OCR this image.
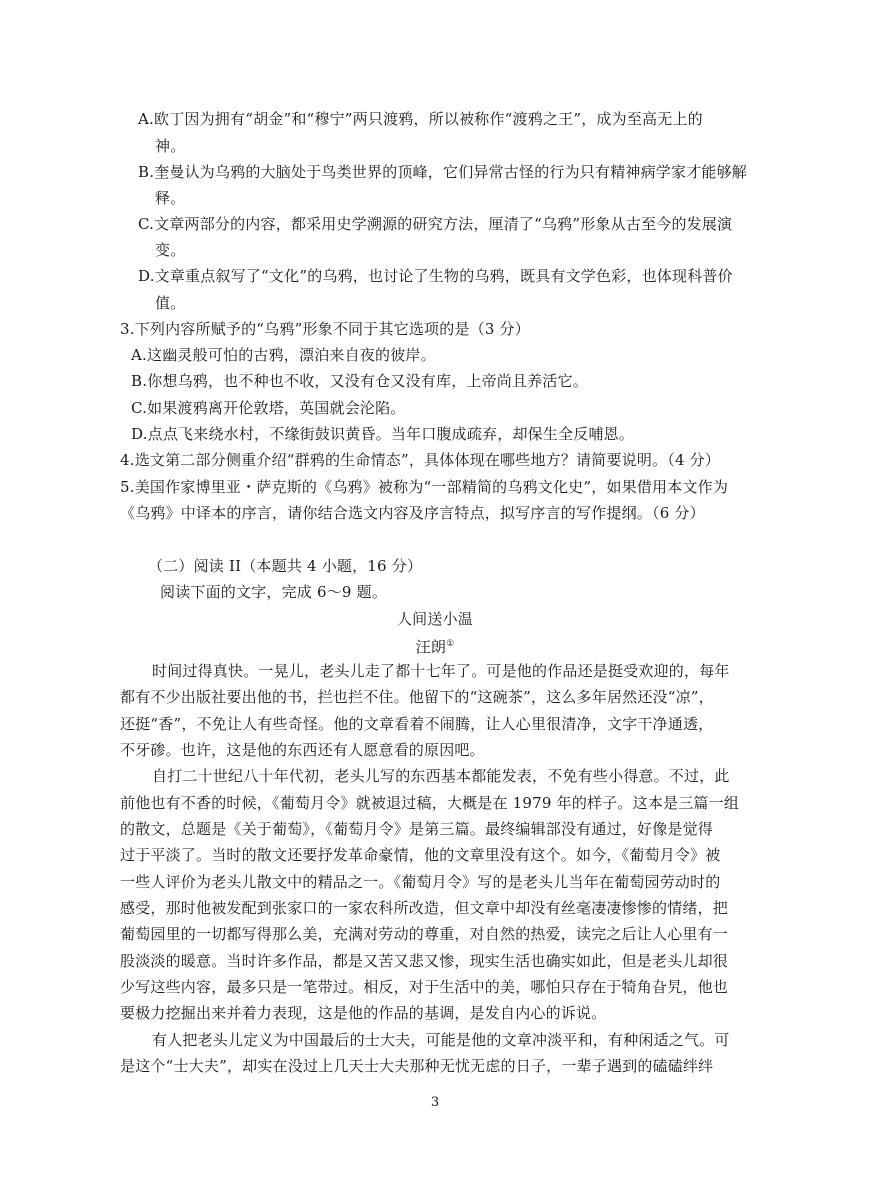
A.欧丁因为拥有“胡金”和“穆宁”两只渡鸦，所以被称作“渡鸦之王”，成为至高无上的
神。
B.奎曼认为乌鸦的大脑处于鸟类世界的顶峰，它们异常古怪的行为只有精神病学家才能够解
释。
C.文章两部分的内容，都采用史学溯源的研究方法，厘清了“乌鸦”形象从古至今的发展演
变。
D.文章重点叙写了“文化”的乌鸦，也讨论了生物的乌鸦，既具有文学色彩，也体现科普价
值。
3.下列内容所赋予的“乌鸦”形象不同于其它选项的是（3 分）
A.这幽灵般可怕的古鸦，漂泊来自夜的彼岸。
B.你想乌鸦，也不种也不收，又没有仓又没有库，上帝尚且养活它。
C.如果渡鸦离开伦敦塔，英国就会沦陷。
D.点点飞来绕水村，不缘街鼓识黄昏。当年口腹成疏弃，却保生全反哺恩。
4.选文第二部分侧重介绍“群鸦的生命情态”，具体体现在哪些地方？请简要说明。（4 分）
5.美国作家博里亚・萨克斯的《乌鸦》被称为“一部精简的乌鸦文化史”，如果借用本文作为
《乌鸦》中译本的序言，请你结合选文内容及序言特点，拟写序言的写作提纲。（6 分）
（二）阅读 II（本题共 4 小题，16 分）
阅读下面的文字，完成 6～9 题。
人间送小温
汪朗①
时间过得真快。一晃儿，老头儿走了都十七年了。可是他的作品还是挺受欢迎的，每年
都有不少出版社要出他的书，拦也拦不住。他留下的“这碗茶”，这么多年居然还没“凉”，
还挺“香”，不免让人有些奇怪。他的文章看着不闹腾，让人心里很清净，文字干净通透，
不牙碜。也许，这是他的东西还有人愿意看的原因吧。
自打二十世纪八十年代初，老头儿写的东西基本都能发表，不免有些小得意。不过，此
前他也有不香的时候，《葡萄月令》就被退过稿，大概是在 1979 年的样子。这本是三篇一组
的散文，总题是《关于葡萄》，《葡萄月令》是第三篇。最终编辑部没有通过，好像是觉得
过于平淡了。当时的散文还要抒发革命豪情，他的文章里没有这个。如今，《葡萄月令》被
一些人评价为老头儿散文中的精品之一。《葡萄月令》写的是老头儿当年在葡萄园劳动时的
感受，那时他被发配到张家口的一家农科所改造，但文章中却没有丝毫凄凄惨惨的情绪，把
葡萄园里的一切都写得那么美，充满对劳动的尊重，对自然的热爱，读完之后让人心里有一
股淡淡的暖意。当时许多作品，都是又苦又悲又惨，现实生活也确实如此，但是老头儿却很
少写这些内容，最多只是一笔带过。相反，对于生活中的美，哪怕只存在于犄角旮旯，他也
要极力挖掘出来并着力表现，这是他的作品的基调，是发自内心的诉说。
有人把老头儿定义为中国最后的士大夫，可能是他的文章冲淡平和，有种闲适之气。可
是这个“士大夫”，却实在没过上几天士大夫那种无忧无虑的日子，一辈子遇到的磕磕绊绊
3
